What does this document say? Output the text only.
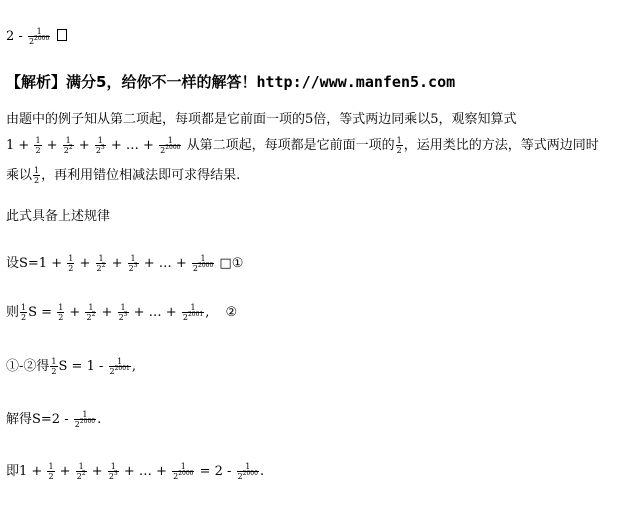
$2 - \frac{1}{2^{2000}}$

【解析】满分5，给你不一样的解答！http://www.manfen5.com
由题中的例子知从第二项起，每项都是它前面一项的5倍，等式两边同乘以5，观察知算式
$1 + \frac{1}{2} + \frac{1}{2^2} + \frac{1}{2^3}$ + … + $\frac{1}{2^{2000}}$ 从第二项起，每项都是它前面一项的 $\frac{1}{2}$ ，运用类比的方法，等式两边同时
乘以 $\frac{1}{2}$ ，再利用错位相减法即可求得结果.
此式具备上述规律
设$S=1 + \frac{1}{2} + \frac{1}{2^2} + \frac{1}{2^3}$ + … + $\frac{1}{2^{2000}}$ □①
则 $\frac{1}{2}$ $S = \frac{1}{2} + \frac{1}{2^2} + \frac{1}{2^3}$ + … + $\frac{1}{2^{2001}}$ , ②
①-②得 $\frac{1}{2}$ $S = 1 - \frac{1}{2^{2001}}$ ,
解得$S=2 - \frac{1}{2^{2000}}$ .
即$1 + \frac{1}{2} + \frac{1}{2^2} + \frac{1}{2^3}$ + … + $\frac{1}{2^{2000}} = 2 - \frac{1}{2^{2000}}$ .
